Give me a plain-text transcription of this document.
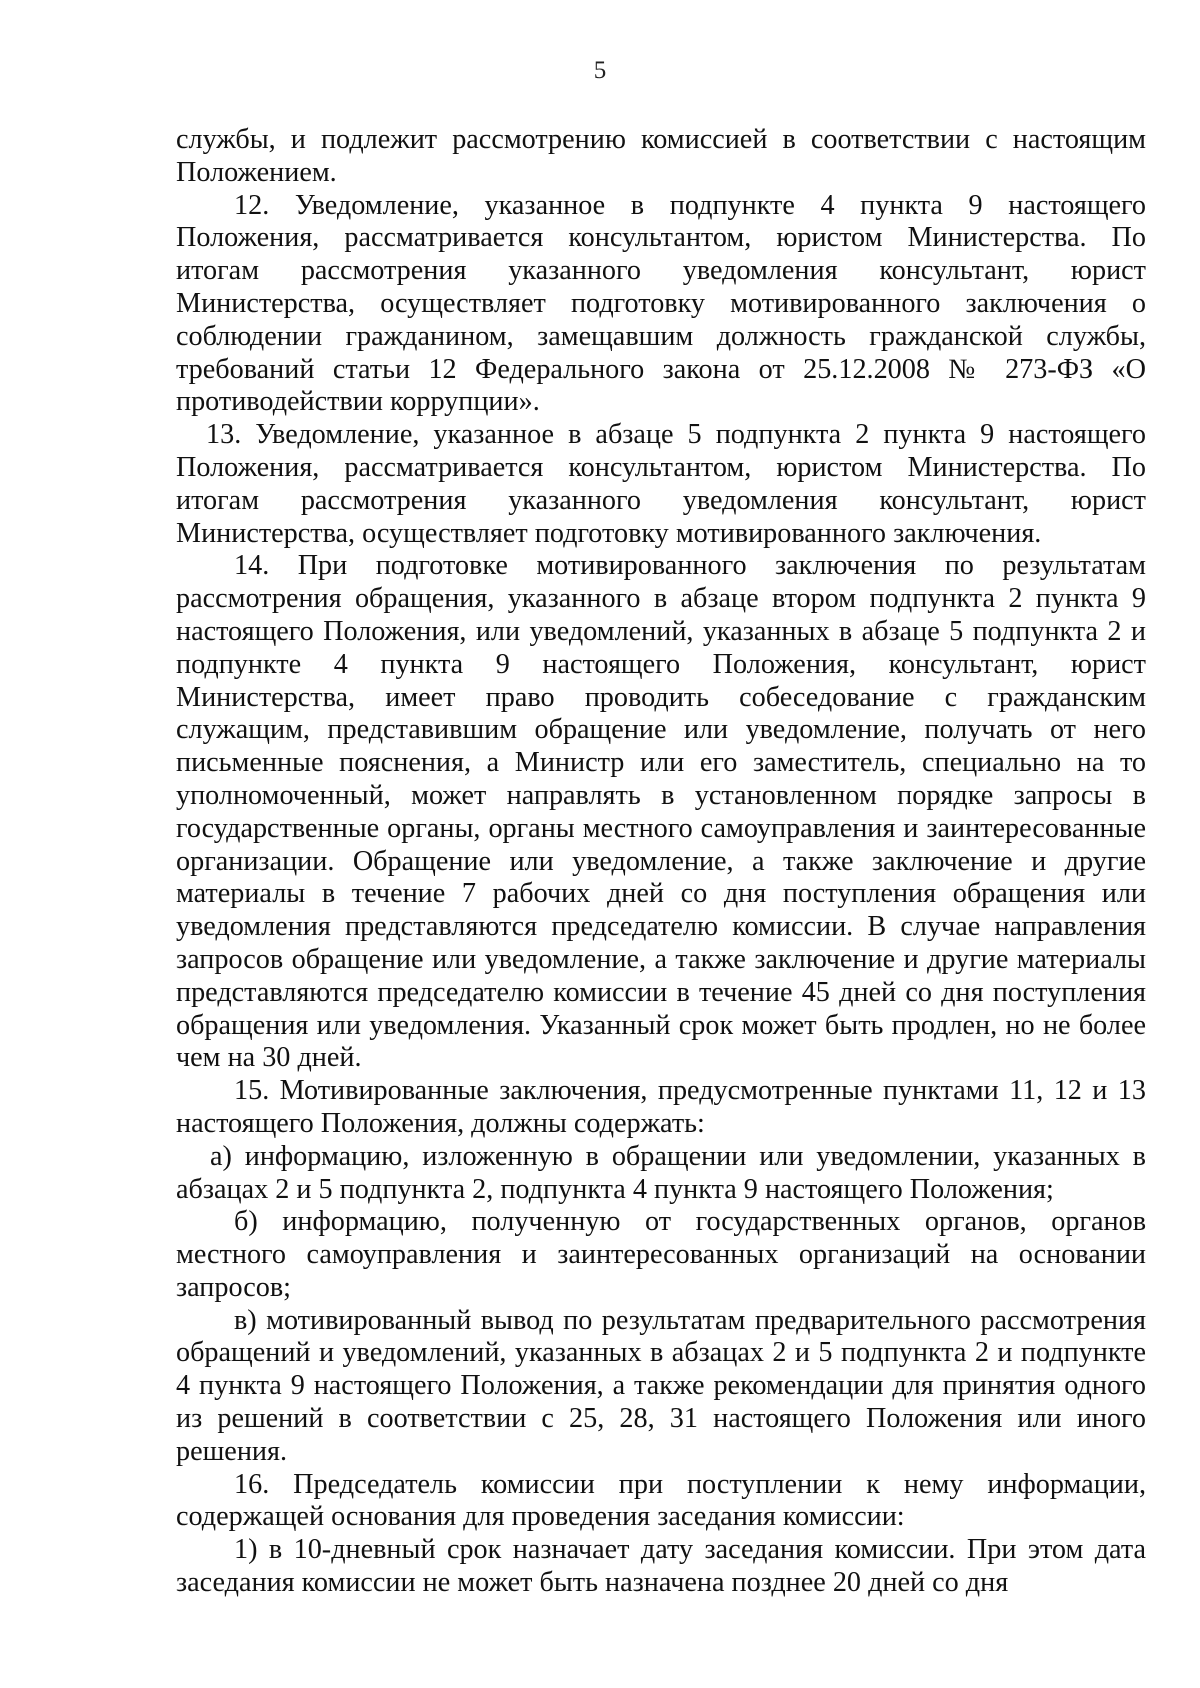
5

службы, и подлежит рассмотрению комиссией в соответствии с настоящим Положением.

12. Уведомление, указанное в подпункте 4 пункта 9 настоящего Положения, рассматривается консультантом, юристом Министерства. По итогам рассмотрения указанного уведомления консультант, юрист Министерства, осуществляет подготовку мотивированного заключения о соблюдении гражданином, замещавшим должность гражданской службы, требований статьи 12 Федерального закона от 25.12.2008 № 273-ФЗ «О противодействии коррупции».

13. Уведомление, указанное в абзаце 5 подпункта 2 пункта 9 настоящего Положения, рассматривается консультантом, юристом Министерства. По итогам рассмотрения указанного уведомления консультант, юрист Министерства, осуществляет подготовку мотивированного заключения.

14. При подготовке мотивированного заключения по результатам рассмотрения обращения, указанного в абзаце втором подпункта 2 пункта 9 настоящего Положения, или уведомлений, указанных в абзаце 5 подпункта 2 и подпункте 4 пункта 9 настоящего Положения, консультант, юрист Министерства, имеет право проводить собеседование с гражданским служащим, представившим обращение или уведомление, получать от него письменные пояснения, а Министр или его заместитель, специально на то уполномоченный, может направлять в установленном порядке запросы в государственные органы, органы местного самоуправления и заинтересованные организации. Обращение или уведомление, а также заключение и другие материалы в течение 7 рабочих дней со дня поступления обращения или уведомления представляются председателю комиссии. В случае направления запросов обращение или уведомление, а также заключение и другие материалы представляются председателю комиссии в течение 45 дней со дня поступления обращения или уведомления. Указанный срок может быть продлен, но не более чем на 30 дней.

15. Мотивированные заключения, предусмотренные пунктами 11, 12 и 13 настоящего Положения, должны содержать:

а) информацию, изложенную в обращении или уведомлении, указанных в абзацах 2 и 5 подпункта 2, подпункта 4 пункта 9 настоящего Положения;

б) информацию, полученную от государственных органов, органов местного самоуправления и заинтересованных организаций на основании запросов;

в) мотивированный вывод по результатам предварительного рассмотрения обращений и уведомлений, указанных в абзацах 2 и 5 подпункта 2 и подпункте 4 пункта 9 настоящего Положения, а также рекомендации для принятия одного из решений в соответствии с 25, 28, 31 настоящего Положения или иного решения.

16. Председатель комиссии при поступлении к нему информации, содержащей основания для проведения заседания комиссии:

1) в 10-дневный срок назначает дату заседания комиссии. При этом дата заседания комиссии не может быть назначена позднее 20 дней со дня
